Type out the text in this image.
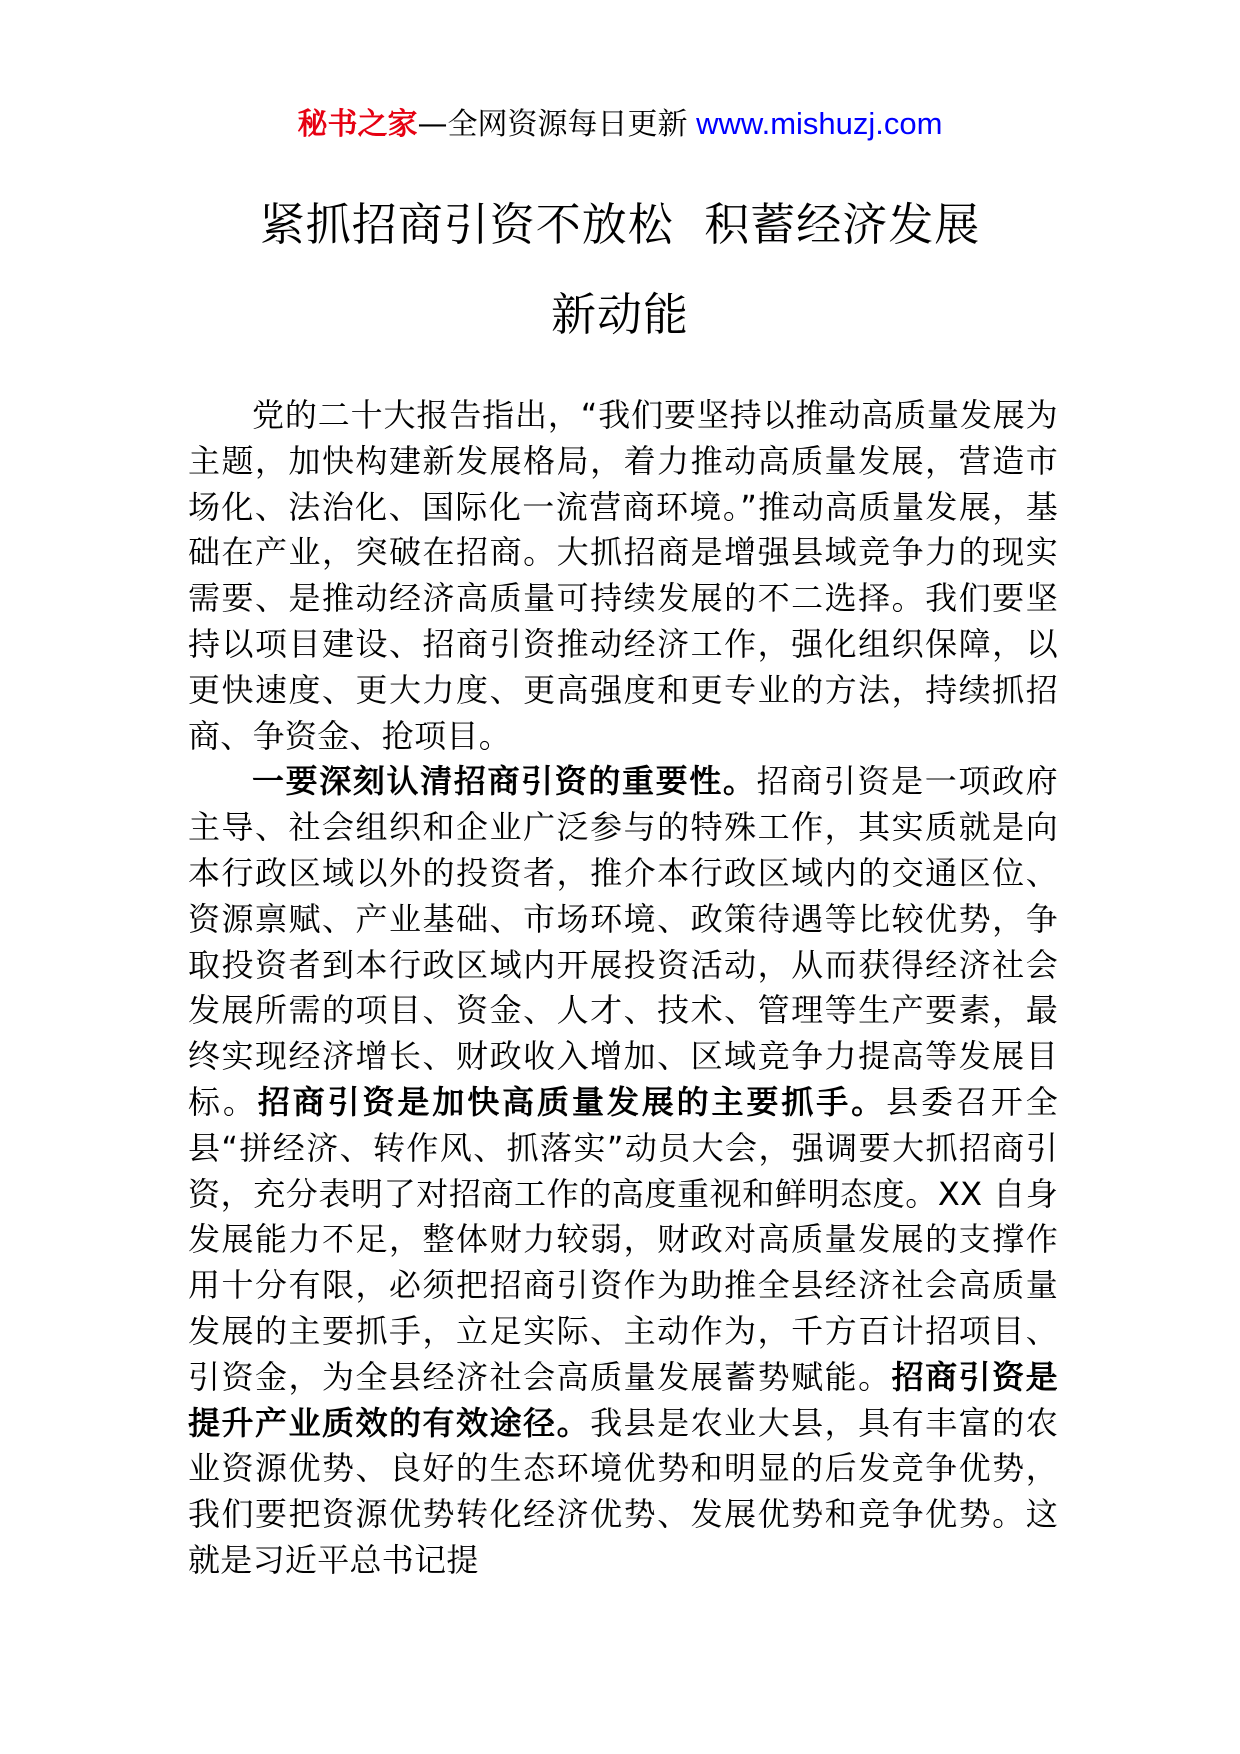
秘书之家—全网资源每日更新 www.mishuzj.com
紧抓招商引资不放松  积蓄经济发展
新动能

党的二十大报告指出，“我们要坚持以推动高质量发展为主题，加快构建新发展格局，着力推动高质量发展，营造市场化、法治化、国际化一流营商环境。”推动高质量发展，基础在产业，突破在招商。大抓招商是增强县域竞争力的现实需要、是推动经济高质量可持续发展的不二选择。我们要坚持以项目建设、招商引资推动经济工作，强化组织保障，以更快速度、更大力度、更高强度和更专业的方法，持续抓招商、争资金、抢项目。

一要深刻认清招商引资的重要性。招商引资是一项政府主导、社会组织和企业广泛参与的特殊工作，其实质就是向本行政区域以外的投资者，推介本行政区域内的交通区位、资源禀赋、产业基础、市场环境、政策待遇等比较优势，争取投资者到本行政区域内开展投资活动，从而获得经济社会发展所需的项目、资金、人才、技术、管理等生产要素，最终实现经济增长、财政收入增加、区域竞争力提高等发展目标。招商引资是加快高质量发展的主要抓手。县委召开全县“拼经济、转作风、抓落实”动员大会，强调要大抓招商引资，充分表明了对招商工作的高度重视和鲜明态度。XX 自身发展能力不足，整体财力较弱，财政对高质量发展的支撑作用十分有限，必须把招商引资作为助推全县经济社会高质量发展的主要抓手，立足实际、主动作为，千方百计招项目、引资金，为全县经济社会高质量发展蓄势赋能。招商引资是提升产业质效的有效途径。我县是农业大县，具有丰富的农业资源优势、良好的生态环境优势和明显的后发竞争优势，我们要把资源优势转化经济优势、发展优势和竞争优势。这就是习近平总书记提
